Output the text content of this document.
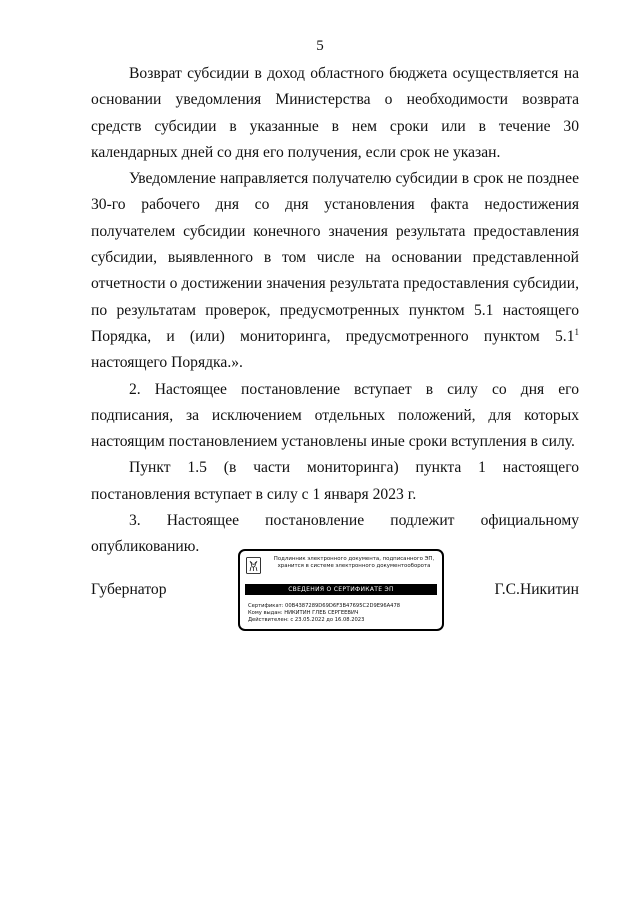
5

Возврат субсидии в доход областного бюджета осуществляется на основании уведомления Министерства о необходимости возврата средств субсидии в указанные в нем сроки или в течение 30 календарных дней со дня его получения, если срок не указан.

Уведомление направляется получателю субсидии в срок не позднее 30-го рабочего дня со дня установления факта недостижения получателем субсидии конечного значения результата предоставления субсидии, выявленного в том числе на основании представленной отчетности о достижении значения результата предоставления субсидии, по результатам проверок, предусмотренных пунктом 5.1 настоящего Порядка, и (или) мониторинга, предусмотренного пунктом $5.1^1$ настоящего Порядка.».

2. Настоящее постановление вступает в силу со дня его подписания, за исключением отдельных положений, для которых настоящим постановлением установлены иные сроки вступления в силу.

Пункт 1.5 (в части мониторинга) пункта 1 настоящего постановления вступает в силу с 1 января 2023 г.

3. Настоящее постановление подлежит официальному опубликованию.

Губернатор	Г.С.Никитин
Подлинник электронного документа, подписанного ЭП,
хранится в системе электронного документооборота
СВЕДЕНИЯ О СЕРТИФИКАТЕ ЭП
Сертификат: 00B4387289D69D6F3B47695C2D9E96A478
Кому выдан: НИКИТИН ГЛЕБ СЕРГЕЕВИЧ
Действителен: с 23.05.2022 до 16.08.2023
